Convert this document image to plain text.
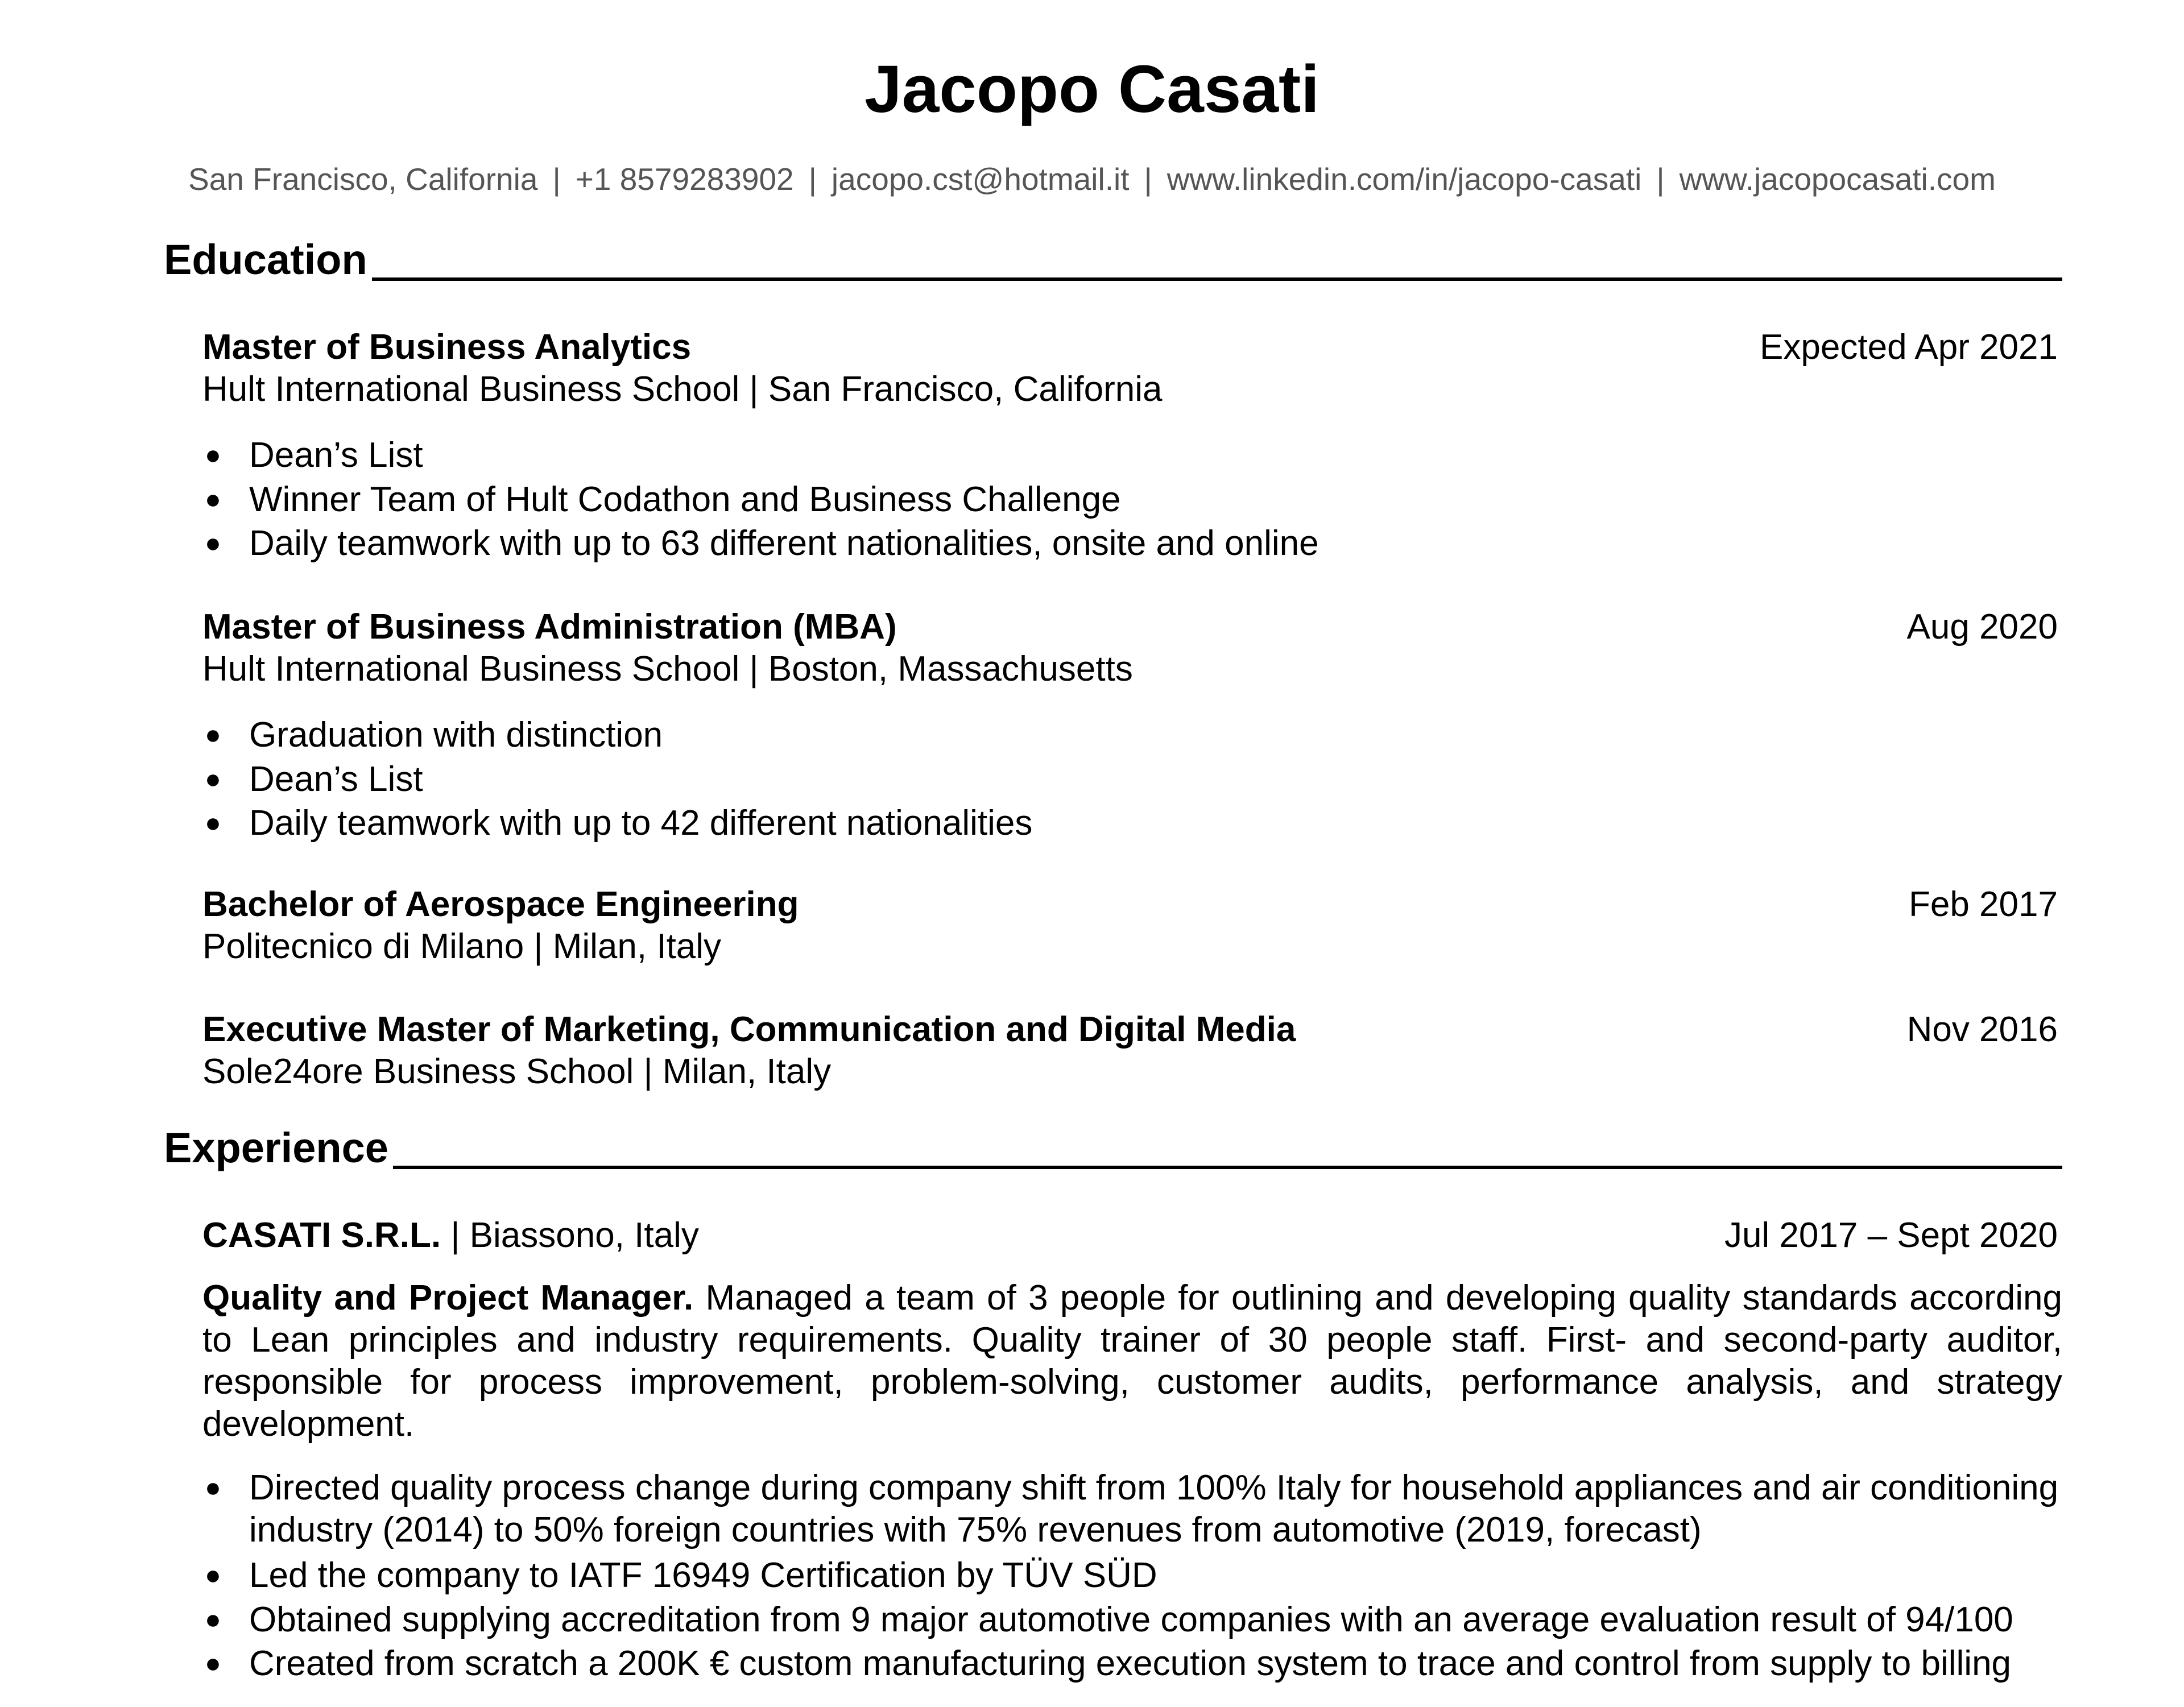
Jacopo Casati
San Francisco, California | +1 8579283902 | jacopo.cst@hotmail.it | www.linkedin.com/in/jacopo-casati | www.jacopocasati.com
Education
Master of Business Analytics	Expected Apr 2021
Hult International Business School | San Francisco, California
● Dean’s List
● Winner Team of Hult Codathon and Business Challenge
● Daily teamwork with up to 63 different nationalities, onsite and online
Master of Business Administration (MBA)	Aug 2020
Hult International Business School | Boston, Massachusetts
● Graduation with distinction
● Dean’s List
● Daily teamwork with up to 42 different nationalities
Bachelor of Aerospace Engineering	Feb 2017
Politecnico di Milano | Milan, Italy
Executive Master of Marketing, Communication and Digital Media	Nov 2016
Sole24ore Business School | Milan, Italy
Experience
CASATI S.R.L. | Biassono, Italy	Jul 2017 – Sept 2020
Quality and Project Manager. Managed a team of 3 people for outlining and developing quality standards according to Lean principles and industry requirements. Quality trainer of 30 people staff. First- and second-party auditor, responsible for process improvement, problem-solving, customer audits, performance analysis, and strategy development.
● Directed quality process change during company shift from 100% Italy for household appliances and air conditioning industry (2014) to 50% foreign countries with 75% revenues from automotive (2019, forecast)
● Led the company to IATF 16949 Certification by TÜV SÜD
● Obtained supplying accreditation from 9 major automotive companies with an average evaluation result of 94/100
● Created from scratch a 200K € custom manufacturing execution system to trace and control from supply to billing
